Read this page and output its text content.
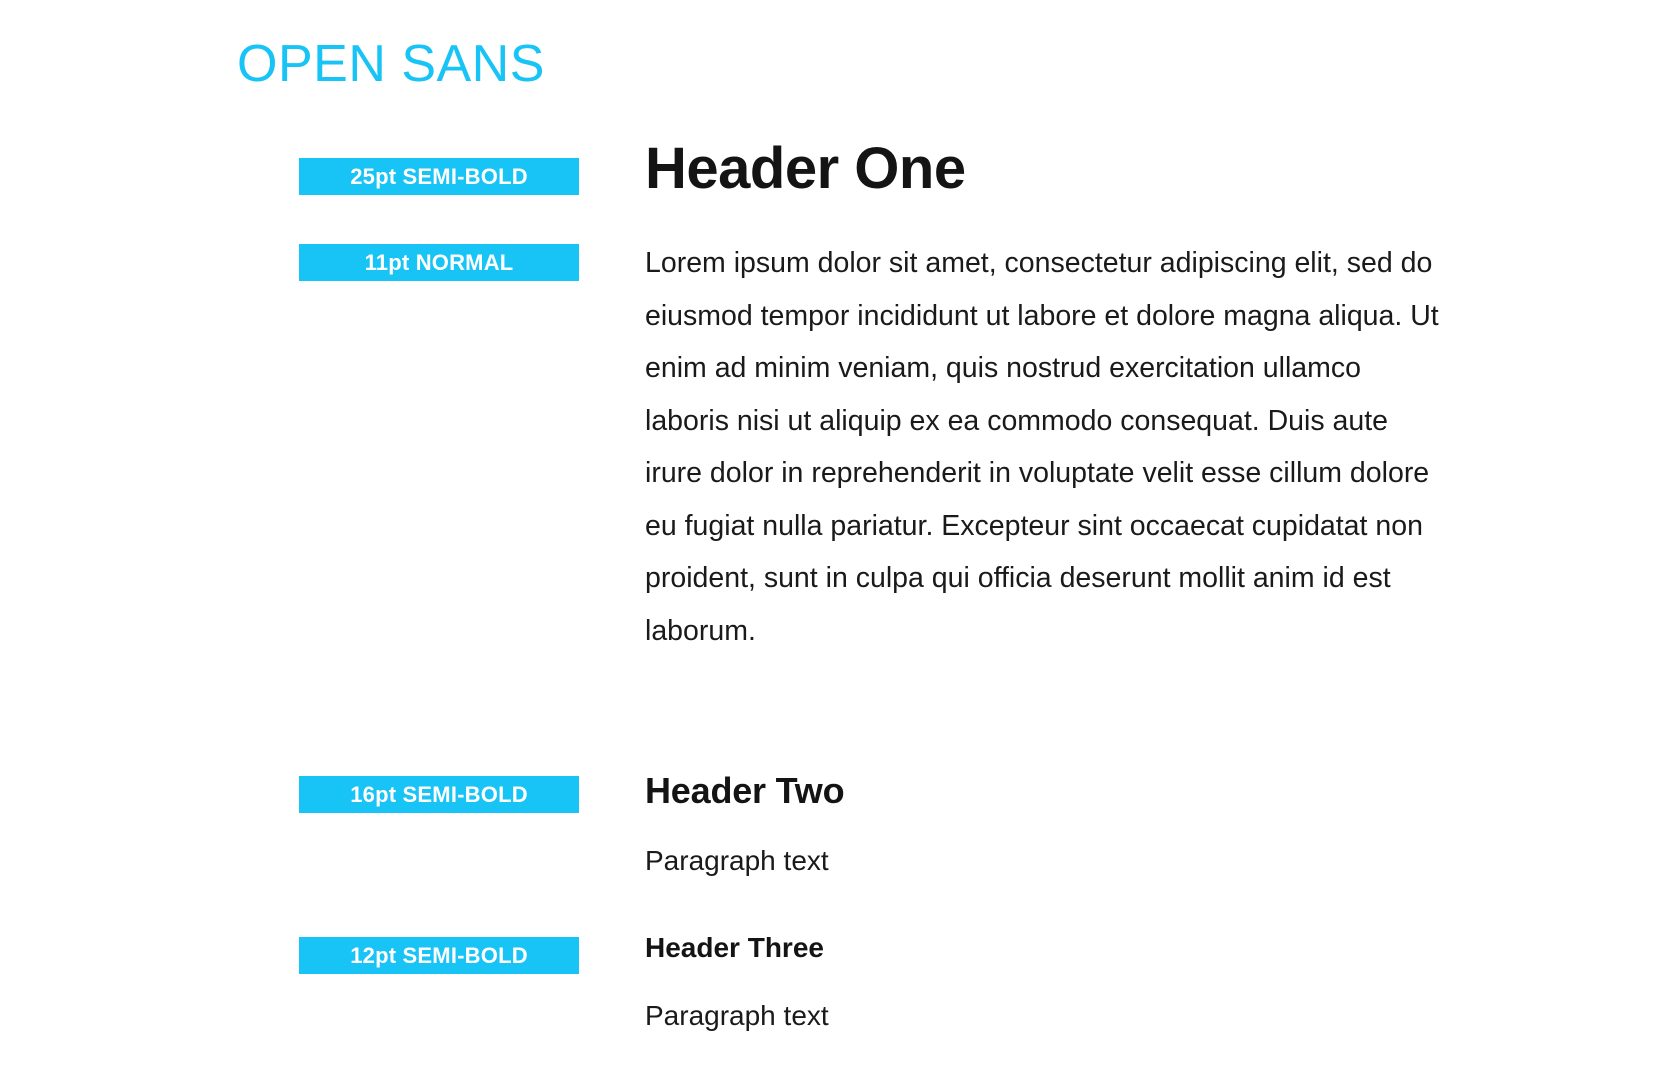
OPEN SANS
25pt SEMI-BOLD
11pt NORMAL
16pt SEMI-BOLD
12pt SEMI-BOLD
Header One
Lorem ipsum dolor sit amet, consectetur adipiscing elit, sed do eiusmod tempor incididunt ut labore et dolore magna aliqua. Ut enim ad minim veniam, quis nostrud exercitation ullamco laboris nisi ut aliquip ex ea commodo consequat. Duis aute irure dolor in reprehenderit in voluptate velit esse cillum dolore eu fugiat nulla pariatur. Excepteur sint occaecat cupidatat non proident, sunt in culpa qui officia deserunt mollit anim id est laborum.
Header Two
Paragraph text
Header Three
Paragraph text
